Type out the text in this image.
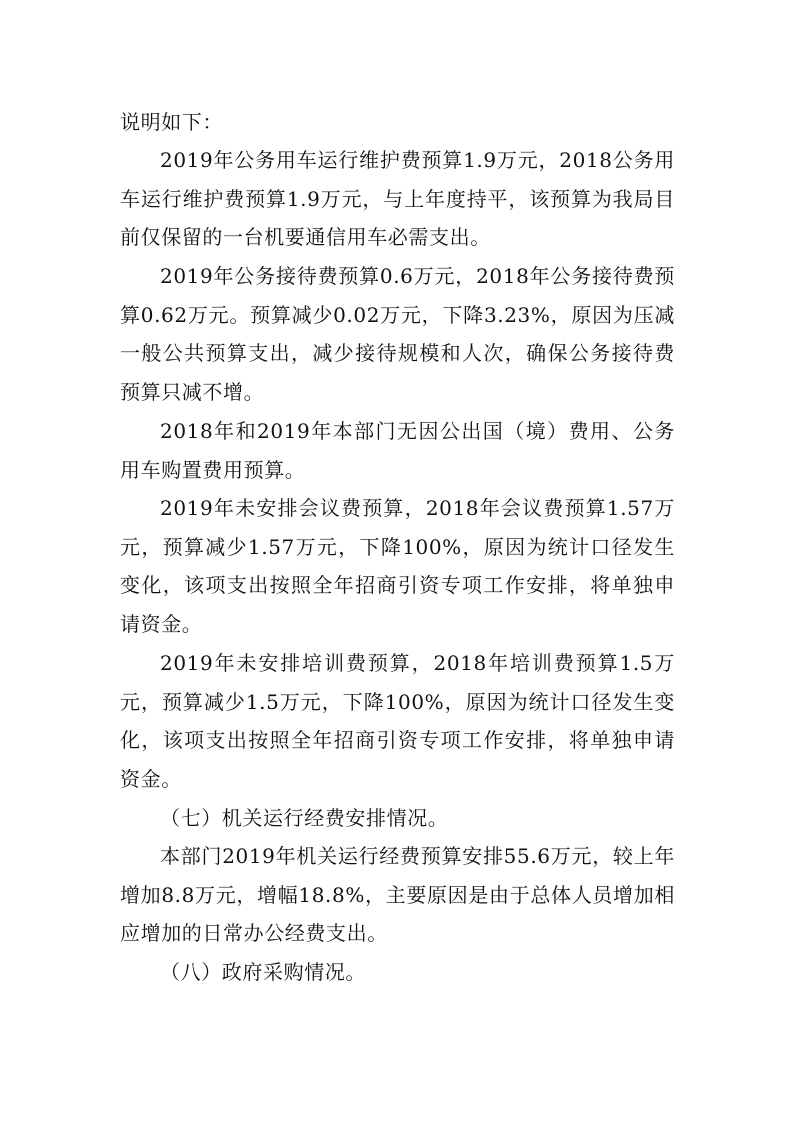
说明如下：

2019年公务用车运行维护费预算1.9万元，2018公务用车运行维护费预算1.9万元，与上年度持平，该预算为我局目前仅保留的一台机要通信用车必需支出。

2019年公务接待费预算0.6万元，2018年公务接待费预算0.62万元。预算减少0.02万元，下降3.23%，原因为压减一般公共预算支出，减少接待规模和人次，确保公务接待费预算只减不增。

2018年和2019年本部门无因公出国（境）费用、公务用车购置费用预算。

2019年未安排会议费预算，2018年会议费预算1.57万元，预算减少1.57万元，下降100%，原因为统计口径发生变化，该项支出按照全年招商引资专项工作安排，将单独申请资金。

2019年未安排培训费预算，2018年培训费预算1.5万元，预算减少1.5万元，下降100%，原因为统计口径发生变化，该项支出按照全年招商引资专项工作安排，将单独申请资金。

（七）机关运行经费安排情况。

本部门2019年机关运行经费预算安排55.6万元，较上年增加8.8万元，增幅18.8%，主要原因是由于总体人员增加相应增加的日常办公经费支出。

（八）政府采购情况。
